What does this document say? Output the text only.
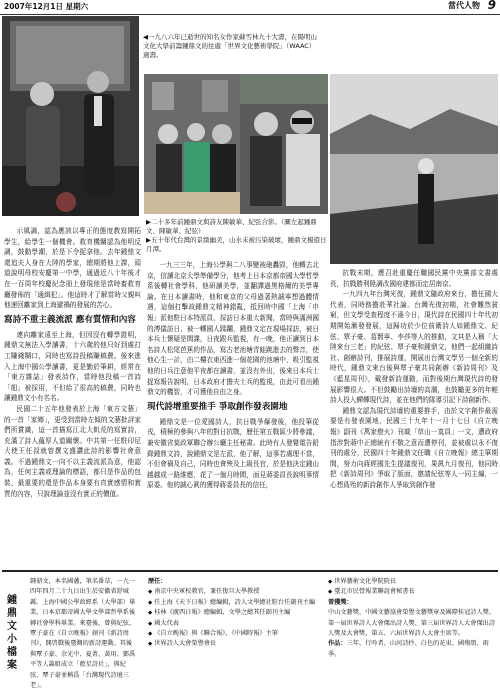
2007年12月1日 星期六	當代人物 9

◀一九八六年已逝世的知名女作家蘇雪林九十大壽，在陽明山文化大學前籌鍾鼎文的住處「世界文化藝術學院」（WAAC）過壽。

▶二十多年前鍾鼎文與詩友陳敏華、紀弦合影。（圖左起鍾鼎文、陳敏華、紀弦）

▶五十年代台灣的景緻幽美，山水未被污染破壞，鍾鼎文楊遊日月潭。

示風調，認為應該以專正的態度教寫開拓學生，給學生一個機會。救育機關認為他明反調，鼓動學潮，於是下令捉拿他。去年鍾鼎文還追夫人身在大陸的學家，總期將他上課，頭道說明母校安慶第一中學，通過近八十年後才在一百周年校慶紀念冊上發現他是當時畜救育廳發佈的「通緝犯」。他這時才了解當時父親叫他速回離家到上海避禍的發展的苦心。

寫詩不重主義流派 應有質情和內容

連向離家遠至上海，但因沒有轉學證明，鍾鼎文無法入學讀書，十六歲的他只好到處打工賺錢糊口，同時也寫詩投稿賺稿費。後來進入上海中國公學讀書，更是勤於筆耕，經常在「東方雜誌」發表詩作，當時他投稿一首詩「船」被採用，不但給了很高的稿費，同時也讓鍾鼎文小有名名。

民國二十五年他發表於上海「東方文藝」的一首「家鄉」，更受到當時左傾的文藝批評家們所賞識，這一首描寫江北大飢荒的寫實詩，充滿了詩人蘊厚人道關懷。中共第一任駐印尼大使王任叔就曾撰文盛讚此詩的影響社會意義。不過鍾鼎文一向不以主義流派為意，他認為，任何主義或理論的標語，都只是作品的包裝，最重要的還是作品本身要有真實感情和實質的內容，只說理論並沒有實正的價值。

一九三三年，上海公學與二八事變被砲轟毀，他轉去北京，信讀北京大學準備學分，他考上日本京都帝國大學哲學系後轉社會學科，他研讀美學，並翻譯過黑格爾的美學專論。在日本讀書時，他和東京的父母過著熱誠寧想過體情遇，這個打擊故鍾鼎文精神錯亂，抵回時中國「上海「申報」派他駐日本特派員，採訪日本重大新聞，當時與滿洲國的溥儀訪日，被一轉國人蹂躪，鍾鼎文定在現場採訪，被日本兵士懷疑是間諜，日夜跟兵監視，有一晚，他正讀到日本名詩人松尾芭蕉的作品，寫古老池塘青蛙跳進去的聲音，使他心生一計，由二樓衣東西進一個花園的池塘中，吸引監視他的日兵注意他平夜都在讀書，並沒有外出，後來日本兵士捉寫報告說明，日本政府才擔夫士兵的監視，由此可看出鍾鼎文的機智，才可獲他自由之身。

現代詩增重要推手 爭取創作發表園地

鍾鼎文是一位愛國詩人，抗日戰爭爆發後，他投筆從戎，積極的參與八年的對日抗戰，歷任第五戰區少將參議，兼安徽省莫政軍聯合辦公廳主任秘書。此時有人發覺電告鉛錄鍾鼎文詩，說鍾鼎文是左派，他了解，這事若處理不當，不但會禍及自己，同時也會殃及上級長官，於是他決定鍾山越越成一路維應，花了一個月時間，面見蔣委員長說明事情原委。他的誠心眞的獲得蔣委員長的信任，

抗戰末期，應召赴重慶任職國民黨中央黨部文書處長，抗戰勝利陞調改國府建都而定居南京。

一九四九年台灣光復，鍾鼎文隨政府來台，擔任國大代表，同時務擔赴華社論。台灣光復初期，社會難然貧窮，但文學受查程度不遜今日，現代詩在民國四十年代初期開始漸發發展，這歸功於少位前衛詩人如鍾鼎文、紀弦、覃子豪、葛賢寧、李莎等人的推動，文其是人稱「大陸來台三老」的紀弦、覃子豪和鍾鼎文，他們一起組織詩社、創辦詩刊，推展詩運，開展出台灣文學另一個全新的時代，鍾鼎文來台後與覃子豪共同創辦《新詩周刊》及《藍星周刊》，戴發新詩運動，而對後期台灣現代詩的發展影響很大。不但鼓勵出詩壇的高潮，也鼓勵更多的年輕詩人投入蟬蟬現代詩，並在他們的隊導引記下詩創新作。

鍾鼎文認為現代詩壇的重要推手，由於文字創作最需要是有發表園地，民國三十九年十一月十七日《自立晚報》副刊《萬家燈火》刊載「草山一寞員」一文，遭政府指涉對蔣中正總統有不敬之意而遭停刊，並被處以永不復刊的處分，民國四十年鍾鼎文任職《自立晚報》總主筆期間，努力向蔣經國先生提議復刊，果眞九月復刊，他同時把《新詩周刊》爭取了版面，邀請紀弦等人一同主編，一心想爲殆的新詩創作人爭取到創作發

鍾鼎文小檔案

鍾鼎文，本名國藩，筆名番草，一九一四年四月二十九日出生於安徽省舒城縣。上海中國公學政經系（大學部）畢業，日本京都帝國大學文學部哲學系後轉社會學科畢業。來臺後，曾與紀弦、覃子豪在《自立晚報》創刊《新詩周刊》，開啓戰後臺灣的新詩運動。其後與覃子豪、余光中、夏菁、黃用、鄧禹平等人籌組成立「藍星詩社」，與紀弦、覃子豪並稱爲「台灣現代詩壇三老」。

歷任：

◆ 南京中央軍校教官，兼任復旦大學教授

◆ 任上海《天下日報》總編輯，詩人文學總社駐台任副刊主編

◆ 桂林《廣西日報》總編輯，文學之總其任副刊主編

◆ 國大代表

◆ 《自立晚報》與《聯合報》、《中國時報》主筆

◆ 世界詩人大會榮譽會長

◆ 世界藝術文化學院院長

◆ 臺北市民營報業聯誼會秘書長

曾獲獎：

中山文藝獎、中國文藝協會榮譽文藝獎章及國際桂冠詩人獎、第一届世界詩人大會傑出詩人獎、第三届世界詩人大會傑出詩人獎及大會獎，第五、六届世界詩人大會主席等。

作品：三年、行吟者、山河詩抄、白色的花束、國殤頌、雨季。
